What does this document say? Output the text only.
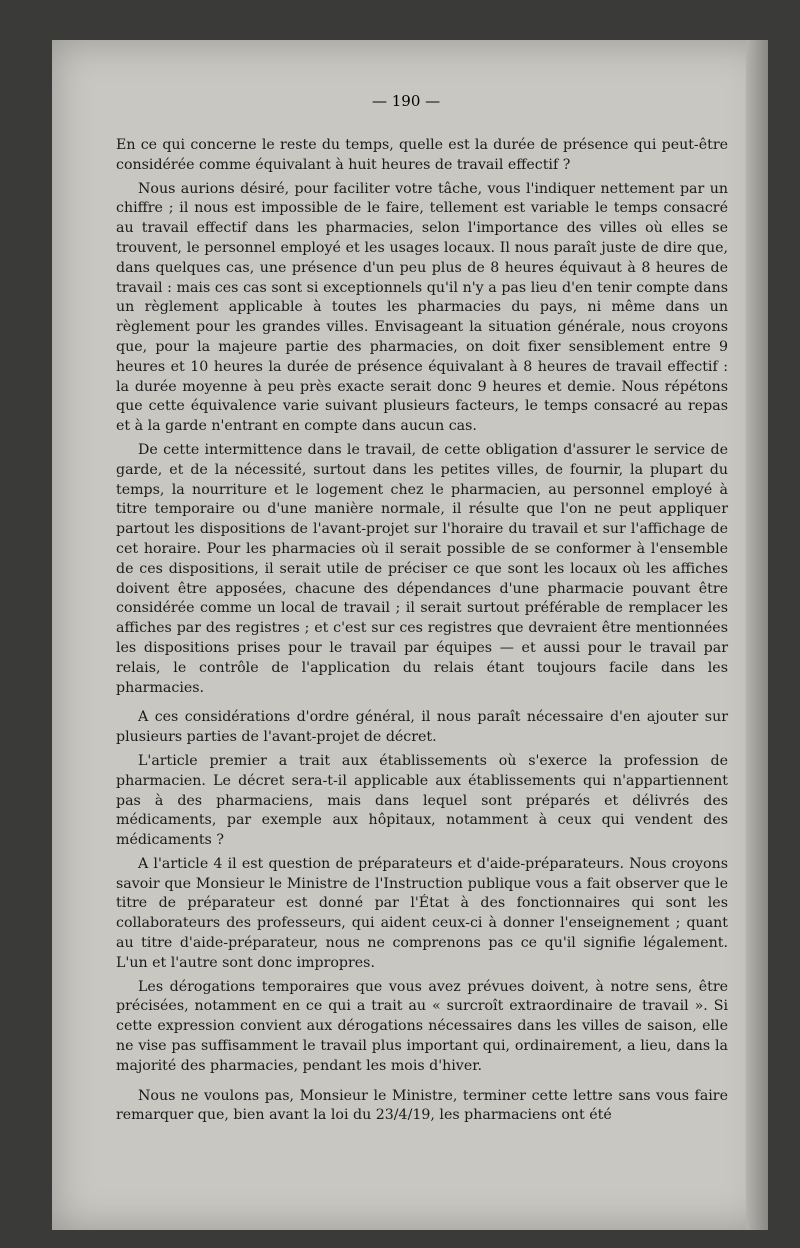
— 190 —

En ce qui concerne le reste du temps, quelle est la durée de présence qui peut-être considérée comme équivalant à huit heures de travail effectif ?

Nous aurions désiré, pour faciliter votre tâche, vous l'indiquer nettement par un chiffre ; il nous est impossible de le faire, tellement est variable le temps consacré au travail effectif dans les pharmacies, selon l'importance des villes où elles se trouvent, le personnel employé et les usages locaux. Il nous paraît juste de dire que, dans quelques cas, une présence d'un peu plus de 8 heures équivaut à 8 heures de travail : mais ces cas sont si exceptionnels qu'il n'y a pas lieu d'en tenir compte dans un règlement applicable à toutes les pharmacies du pays, ni même dans un règlement pour les grandes villes. Envisageant la situation générale, nous croyons que, pour la majeure partie des pharmacies, on doit fixer sensiblement entre 9 heures et 10 heures la durée de présence équivalant à 8 heures de travail effectif : la durée moyenne à peu près exacte serait donc 9 heures et demie. Nous répétons que cette équivalence varie suivant plusieurs facteurs, le temps consacré au repas et à la garde n'entrant en compte dans aucun cas.

De cette intermittence dans le travail, de cette obligation d'assurer le service de garde, et de la nécessité, surtout dans les petites villes, de fournir, la plupart du temps, la nourriture et le logement chez le pharmacien, au personnel employé à titre temporaire ou d'une manière normale, il résulte que l'on ne peut appliquer partout les dispositions de l'avant-projet sur l'horaire du travail et sur l'affichage de cet horaire. Pour les pharmacies où il serait possible de se conformer à l'ensemble de ces dispositions, il serait utile de préciser ce que sont les locaux où les affiches doivent être apposées, chacune des dépendances d'une pharmacie pouvant être considérée comme un local de travail ; il serait surtout préférable de remplacer les affiches par des registres ; et c'est sur ces registres que devraient être mentionnées les dispositions prises pour le travail par équipes — et aussi pour le travail par relais, le contrôle de l'application du relais étant toujours facile dans les pharmacies.

A ces considérations d'ordre général, il nous paraît nécessaire d'en ajouter sur plusieurs parties de l'avant-projet de décret.

L'article premier a trait aux établissements où s'exerce la profession de pharmacien. Le décret sera-t-il applicable aux établissements qui n'appartiennent pas à des pharmaciens, mais dans lequel sont préparés et délivrés des médicaments, par exemple aux hôpitaux, notamment à ceux qui vendent des médicaments ?

A l'article 4 il est question de préparateurs et d'aide-préparateurs. Nous croyons savoir que Monsieur le Ministre de l'Instruction publique vous a fait observer que le titre de préparateur est donné par l'État à des fonctionnaires qui sont les collaborateurs des professeurs, qui aident ceux-ci à donner l'enseignement ; quant au titre d'aide-préparateur, nous ne comprenons pas ce qu'il signifie légalement. L'un et l'autre sont donc impropres.

Les dérogations temporaires que vous avez prévues doivent, à notre sens, être précisées, notamment en ce qui a trait au « surcroît extraordinaire de travail ». Si cette expression convient aux dérogations nécessaires dans les villes de saison, elle ne vise pas suffisamment le travail plus important qui, ordinairement, a lieu, dans la majorité des pharmacies, pendant les mois d'hiver.

Nous ne voulons pas, Monsieur le Ministre, terminer cette lettre sans vous faire remarquer que, bien avant la loi du 23/4/19, les pharmaciens ont été
